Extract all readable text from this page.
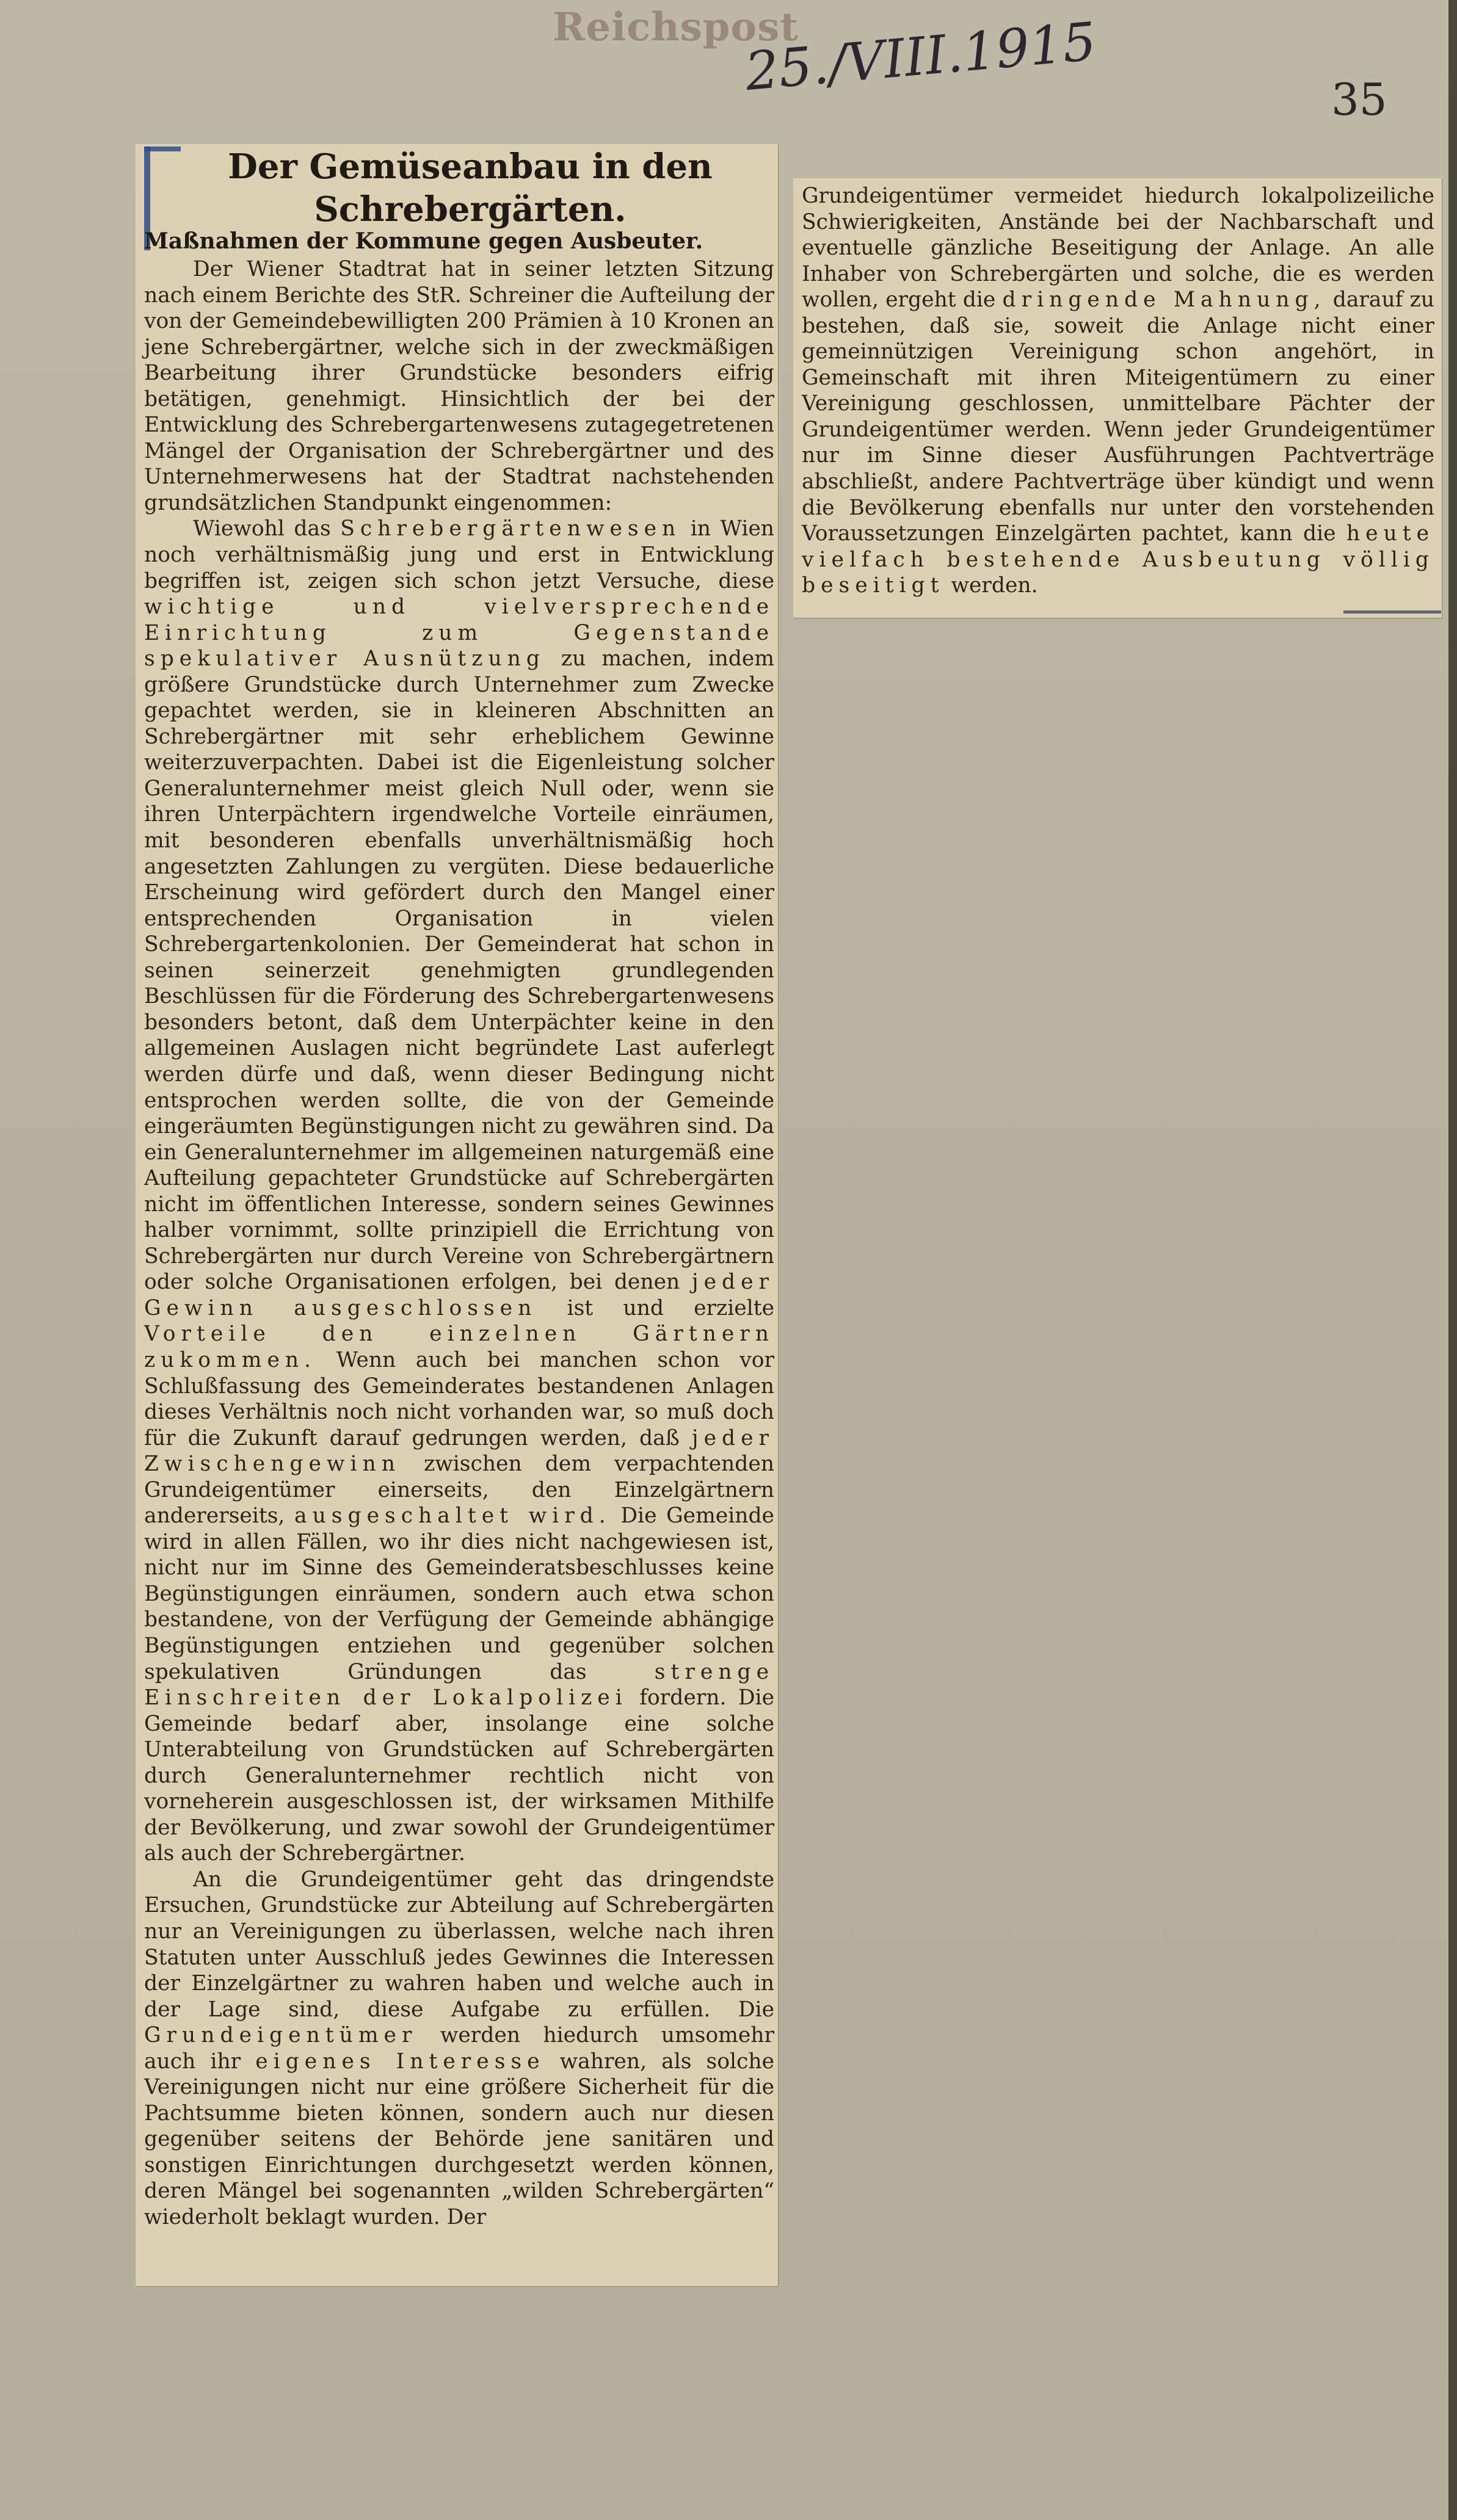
Reichspost
25./VIII.1915	35
Der Gemüseanbau in den
Schrebergärten.
Maßnahmen der Kommune gegen Ausbeuter.

Der Wiener Stadtrat hat in seiner letzten Sitzung nach einem Berichte des StR. Schreiner die Aufteilung der von der Gemeindebewilligten 200 Prämien à 10 Kronen an jene Schrebergärtner, welche sich in der zweckmäßigen Bearbeitung ihrer Grundstücke besonders eifrig betätigen, genehmigt. Hinsichtlich der bei der Entwicklung des Schrebergartenwesens zutagegetretenen Mängel der Organisation der Schrebergärtner und des Unternehmerwesens hat der Stadtrat nachstehenden grundsätzlichen Standpunkt eingenommen:

Wiewohl das Schrebergärtenwesen in Wien noch verhältnismäßig jung und erst in Entwicklung begriffen ist, zeigen sich schon jetzt Versuche, diese wichtige und vielversprechende Einrichtung zum Gegenstande spekulativer Ausnützung zu machen, indem größere Grundstücke durch Unternehmer zum Zwecke gepachtet werden, sie in kleineren Abschnitten an Schrebergärtner mit sehr erheblichem Gewinne weiterzuverpachten. Dabei ist die Eigenleistung solcher Generalunternehmer meist gleich Null oder, wenn sie ihren Unterpächtern irgendwelche Vorteile einräumen, mit besonderen ebenfalls unverhältnismäßig hoch angesetzten Zahlungen zu vergüten. Diese bedauerliche Erscheinung wird gefördert durch den Mangel einer entsprechenden Organisation in vielen Schrebergartenkolonien. Der Gemeinderat hat schon in seinen seinerzeit genehmigten grundlegenden Beschlüssen für die Förderung des Schrebergartenwesens besonders betont, daß dem Unterpächter keine in den allgemeinen Auslagen nicht begründete Last auferlegt werden dürfe und daß, wenn dieser Bedingung nicht entsprochen werden sollte, die von der Gemeinde eingeräumten Begünstigungen nicht zu gewähren sind. Da ein Generalunternehmer im allgemeinen naturgemäß eine Aufteilung gepachteter Grundstücke auf Schrebergärten nicht im öffentlichen Interesse, sondern seines Gewinnes halber vornimmt, sollte prinzipiell die Errichtung von Schrebergärten nur durch Vereine von Schrebergärtnern oder solche Organisationen erfolgen, bei denen jeder Gewinn ausgeschlossen ist und erzielte Vorteile den einzelnen Gärtnern zukommen. Wenn auch bei manchen schon vor Schlußfassung des Gemeinderates bestandenen Anlagen dieses Verhältnis noch nicht vorhanden war, so muß doch für die Zukunft darauf gedrungen werden, daß jeder Zwischengewinn zwischen dem verpachtenden Grundeigentümer einerseits, den Einzelgärtnern andererseits, ausgeschaltet wird. Die Gemeinde wird in allen Fällen, wo ihr dies nicht nachgewiesen ist, nicht nur im Sinne des Gemeinderatsbeschlusses keine Begünstigungen einräumen, sondern auch etwa schon bestandene, von der Verfügung der Gemeinde abhängige Begünstigungen entziehen und gegenüber solchen spekulativen Gründungen das strenge Einschreiten der Lokalpolizei fordern. Die Gemeinde bedarf aber, insolange eine solche Unterabteilung von Grundstücken auf Schrebergärten durch Generalunternehmer rechtlich nicht von vorneherein ausgeschlossen ist, der wirksamen Mithilfe der Bevölkerung, und zwar sowohl der Grundeigentümer als auch der Schrebergärtner.

An die Grundeigentümer geht das dringendste Ersuchen, Grundstücke zur Abteilung auf Schrebergärten nur an Vereinigungen zu überlassen, welche nach ihren Statuten unter Ausschluß jedes Gewinnes die Interessen der Einzelgärtner zu wahren haben und welche auch in der Lage sind, diese Aufgabe zu erfüllen. Die Grundeigentümer werden hiedurch umsomehr auch ihr eigenes Interesse wahren, als solche Vereinigungen nicht nur eine größere Sicherheit für die Pachtsumme bieten können, sondern auch nur diesen gegenüber seitens der Behörde jene sanitären und sonstigen Einrichtungen durchgesetzt werden können, deren Mängel bei sogenannten „wilden Schrebergärten“ wiederholt beklagt wurden. Der

Grundeigentümer vermeidet hiedurch lokalpolizeiliche Schwierigkeiten, Anstände bei der Nachbarschaft und eventuelle gänzliche Beseitigung der Anlage. An alle Inhaber von Schrebergärten und solche, die es werden wollen, ergeht die dringende Mahnung, darauf zu bestehen, daß sie, soweit die Anlage nicht einer gemeinnützigen Vereinigung schon angehört, in Gemeinschaft mit ihren Miteigentümern zu einer Vereinigung geschlossen, unmittelbare Pächter der Grundeigentümer werden. Wenn jeder Grundeigentümer nur im Sinne dieser Ausführungen Pachtverträge abschließt, andere Pachtverträge über kündigt und wenn die Bevölkerung ebenfalls nur unter den vorstehenden Voraussetzungen Einzelgärten pachtet, kann die heute vielfach bestehende Ausbeutung völlig beseitigt werden.
